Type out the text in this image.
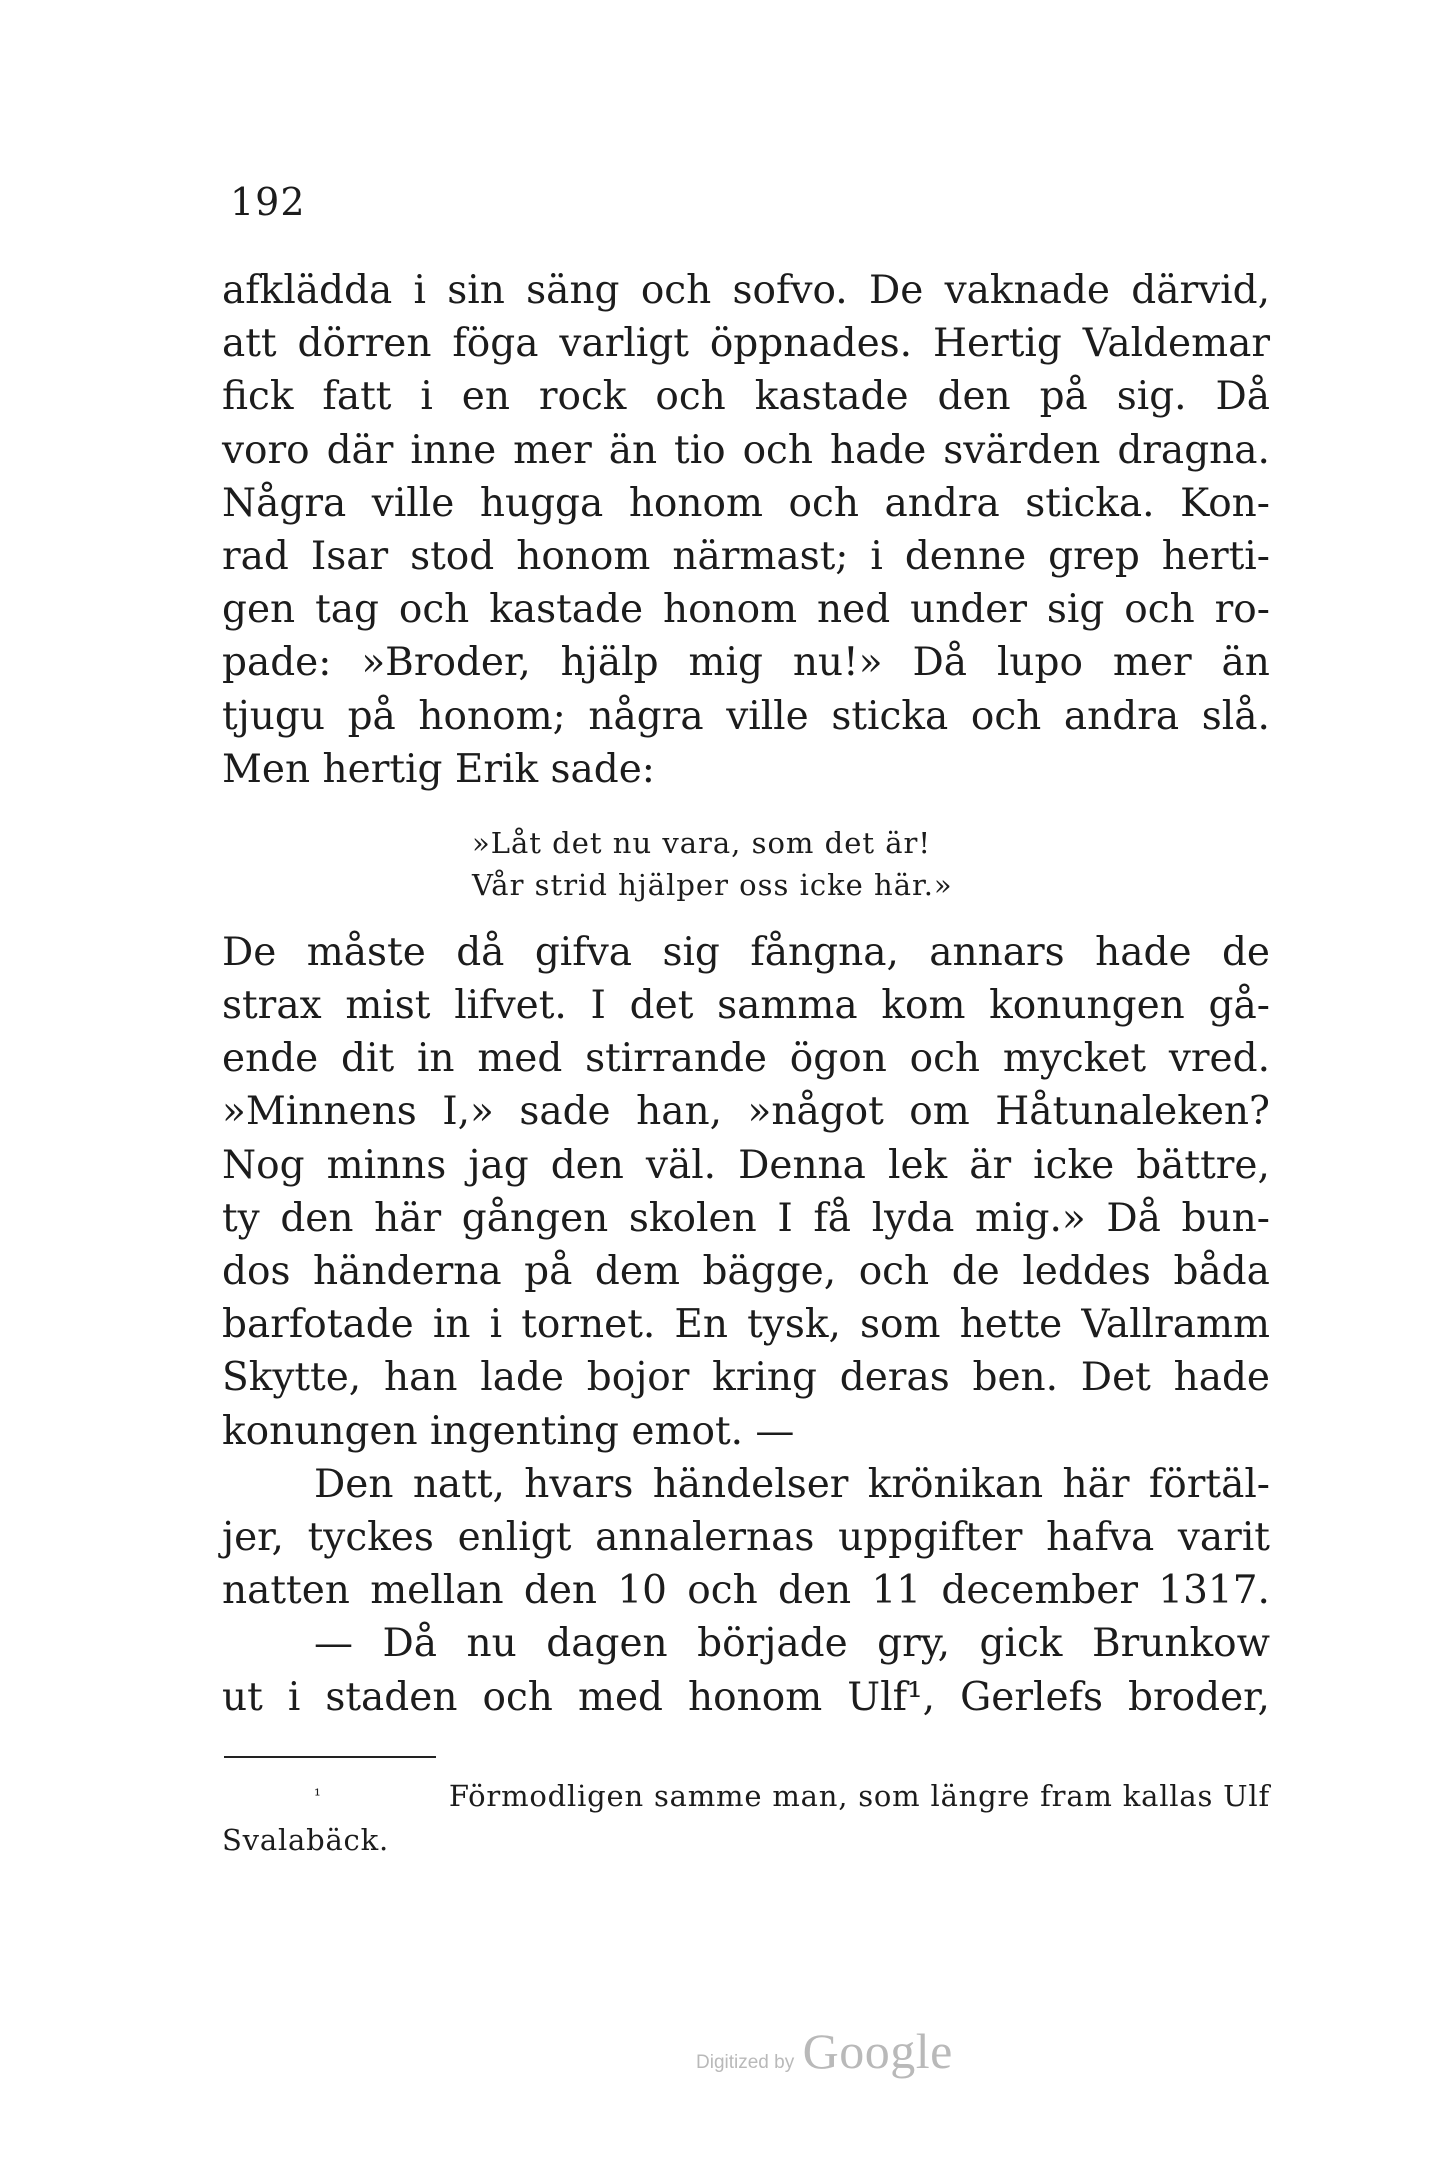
192
afklädda i sin säng och sofvo. De vaknade därvid,
att dörren föga varligt öppnades. Hertig Valdemar
fick fatt i en rock och kastade den på sig. Då
voro där inne mer än tio och hade svärden dragna.
Några ville hugga honom och andra sticka. Kon-
rad Isar stod honom närmast; i denne grep herti-
gen tag och kastade honom ned under sig och ro-
pade: »Broder, hjälp mig nu!» Då lupo mer än
tjugu på honom; några ville sticka och andra slå.
Men hertig Erik sade:
»Låt det nu vara, som det är!
Vår strid hjälper oss icke här.»
De måste då gifva sig fångna, annars hade de
strax mist lifvet. I det samma kom konungen gå-
ende dit in med stirrande ögon och mycket vred.
»Minnens I,» sade han, »något om Håtunaleken?
Nog minns jag den väl. Denna lek är icke bättre,
ty den här gången skolen I få lyda mig.» Då bun-
dos händerna på dem bägge, och de leddes båda
barfotade in i tornet. En tysk, som hette Vallramm
Skytte, han lade bojor kring deras ben. Det hade
konungen ingenting emot. —
Den natt, hvars händelser krönikan här förtäl-
jer, tyckes enligt annalernas uppgifter hafva varit
natten mellan den 10 och den 11 december 1317.
— Då nu dagen började gry, gick Brunkow
ut i staden och med honom Ulf¹, Gerlefs broder,
¹	Förmodligen samme man, som längre fram kallas Ulf
Svalabäck.
Digitized by Google
